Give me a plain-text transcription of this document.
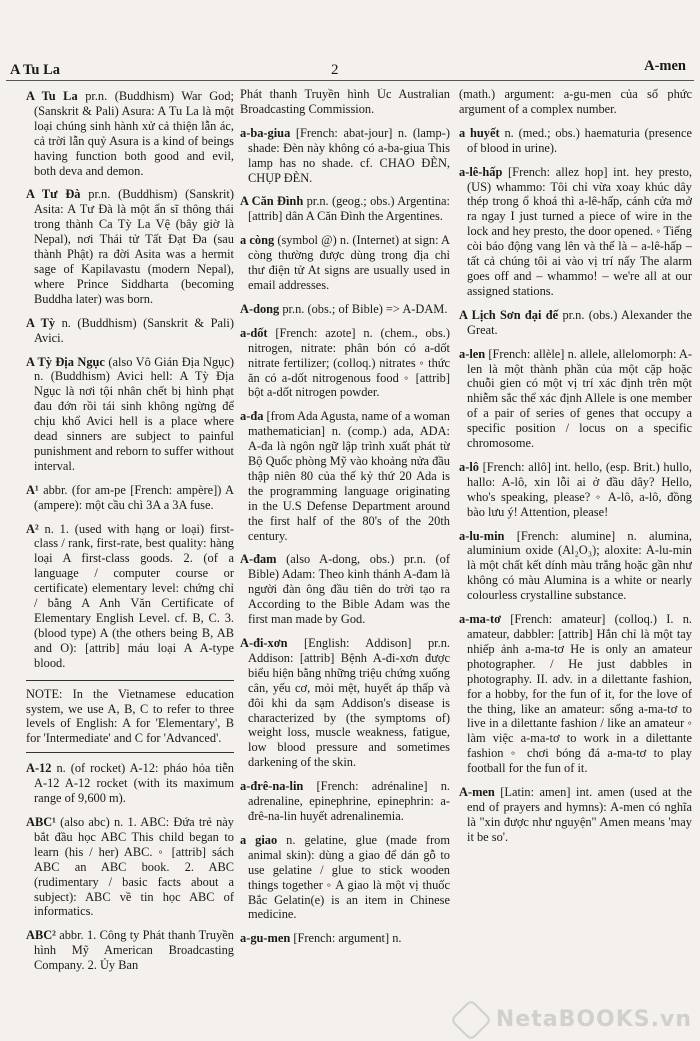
A Tu La	2	A-men
A Tu La pr.n. (Buddhism) War God; (Sanskrit & Pali) Asura: A Tu La là một loại chúng sinh hành xử cả thiện lẫn ác, cả trời lẫn quỷ Asura is a kind of beings having function both good and evil, both deva and demon.
A Tư Đà pr.n. (Buddhism) (Sanskrit) Asita: A Tư Đà là một ẩn sĩ thông thái trong thành Ca Tỳ La Vệ (bây giờ là Nepal), nơi Thái tử Tất Đạt Đa (sau thành Phật) ra đời Asita was a hermit sage of Kapilavastu (modern Nepal), where Prince Siddharta (becoming Buddha later) was born.
A Tỳ n. (Buddhism) (Sanskrit & Pali) Avici.
A Tỳ Địa Ngục (also Vô Gián Địa Ngục) n. (Buddhism) Avici hell: A Tỳ Địa Ngục là nơi tội nhân chết bị hình phạt đau đớn rồi tái sinh không ngừng để chịu khổ Avici hell is a place where dead sinners are subject to painful punishment and reborn to suffer without interval.
A¹ abbr. (for am-pe [French: ampère]) A (ampere): một cầu chì 3A a 3A fuse.
A² n. 1. (used with hạng or loại) first-class / rank, first-rate, best quality: hàng loại A first-class goods. 2. (of a language / computer course or certificate) elementary level: chứng chỉ / bằng A Anh Văn Certificate of Elementary English Level. cf. B, C. 3. (blood type) A (the others being B, AB and O): [attrib] máu loại A A-type blood.
NOTE: In the Vietnamese education system, we use A, B, C to refer to three levels of English: A for 'Elementary', B for 'Intermediate' and C for 'Advanced'.
A-12 n. (of rocket) A-12: pháo hỏa tiễn A-12 A-12 rocket (with its maximum range of 9,600 m).
ABC¹ (also abc) n. 1. ABC: Đứa trẻ này bắt đầu học ABC This child began to learn (his / her) ABC. ◦ [attrib] sách ABC an ABC book. 2. ABC (rudimentary / basic facts about a subject): ABC về tin học ABC of informatics.
ABC² abbr. 1. Công ty Phát thanh Truyền hình Mỹ American Broadcasting Company. 2. Ủy Ban
Phát thanh Truyền hình Úc Australian Broadcasting Commission.
a-ba-giua [French: abat-jour] n. (lamp-) shade: Đèn này không có a-ba-giua This lamp has no shade. cf. CHAO ĐÈN, CHỤP ĐÈN.
A Căn Đình pr.n. (geog.; obs.) Argentina: [attrib] dân A Căn Đình the Argentines.
a còng (symbol @) n. (Internet) at sign: A còng thường được dùng trong địa chỉ thư điện tử At signs are usually used in email addresses.
A-dong pr.n. (obs.; of Bible) => A-DAM.
a-dốt [French: azote] n. (chem., obs.) nitrogen, nitrate: phân bón có a-dốt nitrate fertilizer; (colloq.) nitrates ◦ thức ăn có a-dốt nitrogenous food ◦ [attrib] bột a-dốt nitrogen powder.
a-đa [from Ada Agusta, name of a woman mathematician] n. (comp.) ada, ADA: A-đa là ngôn ngữ lập trình xuất phát từ Bộ Quốc phòng Mỹ vào khoảng nửa đầu thập niên 80 của thế kỷ thứ 20 Ada is the programming language originating in the U.S Defense Department around the first half of the 80's of the 20th century.
A-đam (also A-dong, obs.) pr.n. (of Bible) Adam: Theo kinh thánh A-đam là người đàn ông đầu tiên do trời tạo ra According to the Bible Adam was the first man made by God.
A-đi-xơn [English: Addison] pr.n. Addison: [attrib] Bệnh A-đi-xơn được biểu hiện bằng những triệu chứng xuống cân, yếu cơ, mỏi mệt, huyết áp thấp và đôi khi da sạm Addison's disease is characterized by (the symptoms of) weight loss, muscle weakness, fatigue, low blood pressure and sometimes darkening of the skin.
a-đrê-na-lin [French: adrénaline] n. adrenaline, epinephrine, epinephrin: a-đrê-na-lin huyết adrenalinemia.
a giao n. gelatine, glue (made from animal skin): dùng a giao để dán gỗ to use gelatine / glue to stick wooden things together ◦ A giao là một vị thuốc Bắc Gelatin(e) is an item in Chinese medicine.
a-gu-men [French: argument] n.
(math.) argument: a-gu-men của số phức argument of a complex number.
a huyết n. (med.; obs.) haematuria (presence of blood in urine).
a-lê-hấp [French: allez hop] int. hey presto, (US) whammo: Tôi chỉ vừa xoay khúc dây thép trong ổ khoá thì a-lê-hấp, cánh cửa mở ra ngay I just turned a piece of wire in the lock and hey presto, the door opened. ◦ Tiếng còi báo động vang lên và thế là – a-lê-hấp – tất cả chúng tôi ai vào vị trí nấy The alarm goes off and – whammo! – we're all at our assigned stations.
A Lịch Sơn đại đế pr.n. (obs.) Alexander the Great.
a-len [French: allèle] n. allele, allelomorph: A-len là một thành phần của một cặp hoặc chuỗi gien có một vị trí xác định trên một nhiễm sắc thể xác định Allele is one member of a pair of series of genes that occupy a specific position / locus on a specific chromosome.
a-lô [French: allô] int. hello, (esp. Brit.) hullo, hallo: A-lô, xin lỗi ai ở đầu dây? Hello, who's speaking, please? ◦ A-lô, a-lô, đồng bào lưu ý! Attention, please!
a-lu-min [French: alumine] n. alumina, aluminium oxide (Al₂O₃); aloxite: A-lu-min là một chất kết dính màu trắng hoặc gần như không có màu Alumina is a white or nearly colourless crystalline substance.
a-ma-tơ [French: amateur] (colloq.) I. n. amateur, dabbler: [attrib] Hắn chỉ là một tay nhiếp ảnh a-ma-tơ He is only an amateur photographer. / He just dabbles in photography. II. adv. in a dilettante fashion, for a hobby, for the fun of it, for the love of the thing, like an amateur: sống a-ma-tơ to live in a dilettante fashion / like an amateur ◦ làm việc a-ma-tơ to work in a dilettante fashion ◦ chơi bóng đá a-ma-tơ to play football for the fun of it.
A-men [Latin: amen] int. amen (used at the end of prayers and hymns): A-men có nghĩa là "xin được như nguyện" Amen means 'may it be so'.
NetaBOOKS.vn
